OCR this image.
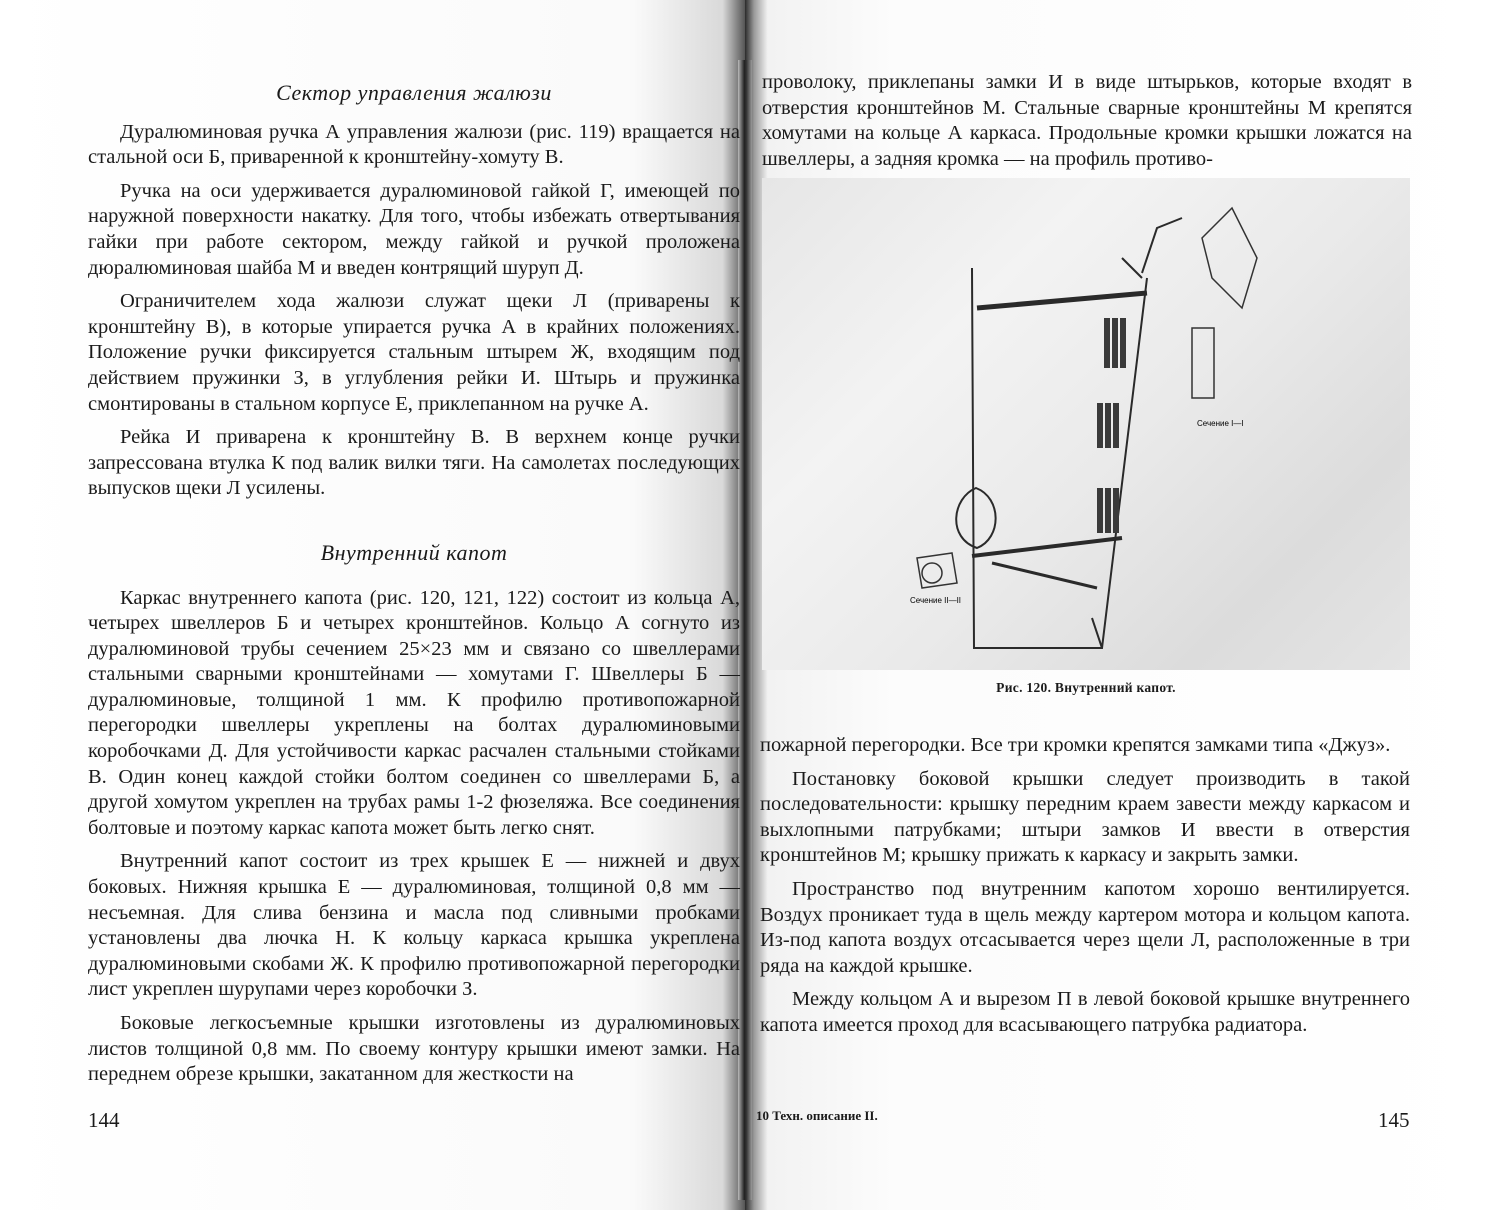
Сектор управления жалюзи

Дуралюминовая ручка А управления жалюзи (рис. 119) вращается на стальной оси Б, приваренной к кронштейну-хомуту В.

Ручка на оси удерживается дуралюминовой гайкой Г, имеющей по наружной поверхности накатку. Для того, чтобы избежать отвертывания гайки при работе сектором, между гайкой и ручкой проложена дюралюминовая шайба М и введен контрящий шуруп Д.

Ограничителем хода жалюзи служат щеки Л (приварены к кронштейну В), в которые упирается ручка А в крайних положениях. Положение ручки фиксируется стальным штырем Ж, входящим под действием пружинки З, в углубления рейки И. Штырь и пружинка смонтированы в стальном корпусе Е, приклепанном на ручке А.

Рейка И приварена к кронштейну В. В верхнем конце ручки запрессована втулка К под валик вилки тяги. На самолетах последующих выпусков щеки Л усилены.

Внутренний капот

Каркас внутреннего капота (рис. 120, 121, 122) состоит из кольца А, четырех швеллеров Б и четырех кронштейнов. Кольцо А согнуто из дуралюминовой трубы сечением 25×23 мм и связано со швеллерами стальными сварными кронштейнами — хомутами Г. Швеллеры Б — дуралюминовые, толщиной 1 мм. К профилю противопожарной перегородки швеллеры укреплены на болтах дуралюминовыми коробочками Д. Для устойчивости каркас расчален стальными стойками В. Один конец каждой стойки болтом соединен со швеллерами Б, а другой хомутом укреплен на трубах рамы 1-2 фюзеляжа. Все соединения болтовые и поэтому каркас капота может быть легко снят.

Внутренний капот состоит из трех крышек Е — нижней и двух боковых. Нижняя крышка Е — дуралюминовая, толщиной 0,8 мм — несъемная. Для слива бензина и масла под сливными пробками установлены два лючка Н. К кольцу каркаса крышка укреплена дуралюминовыми скобами Ж. К профилю противопожарной перегородки лист укреплен шурупами через коробочки З.

Боковые легкосъемные крышки изготовлены из дуралюминовых листов толщиной 0,8 мм. По своему контуру крышки имеют замки. На переднем обрезе крышки, закатанном для жесткости на

144

проволоку, приклепаны замки И в виде штырьков, которые входят в отверстия кронштейнов М. Стальные сварные кронштейны М крепятся хомутами на кольце А каркаса. Продольные кромки крышки ложатся на швеллеры, а задняя кромка — на профиль противо-

Сечение I—I
Сечение II—II
Рис. 120. Внутренний капот.

пожарной перегородки. Все три кромки крепятся замками типа «Джуз».

Постановку боковой крышки следует производить в такой последовательности: крышку передним краем завести между каркасом и выхлопными патрубками; штыри замков И ввести в отверстия кронштейнов М; крышку прижать к каркасу и закрыть замки.

Пространство под внутренним капотом хорошо вентилируется. Воздух проникает туда в щель между картером мотора и кольцом капота. Из-под капота воздух отсасывается через щели Л, расположенные в три ряда на каждой крышке.

Между кольцом А и вырезом П в левой боковой крышке внутреннего капота имеется проход для всасывающего патрубка радиатора.

10 Техн. описание II.	145
